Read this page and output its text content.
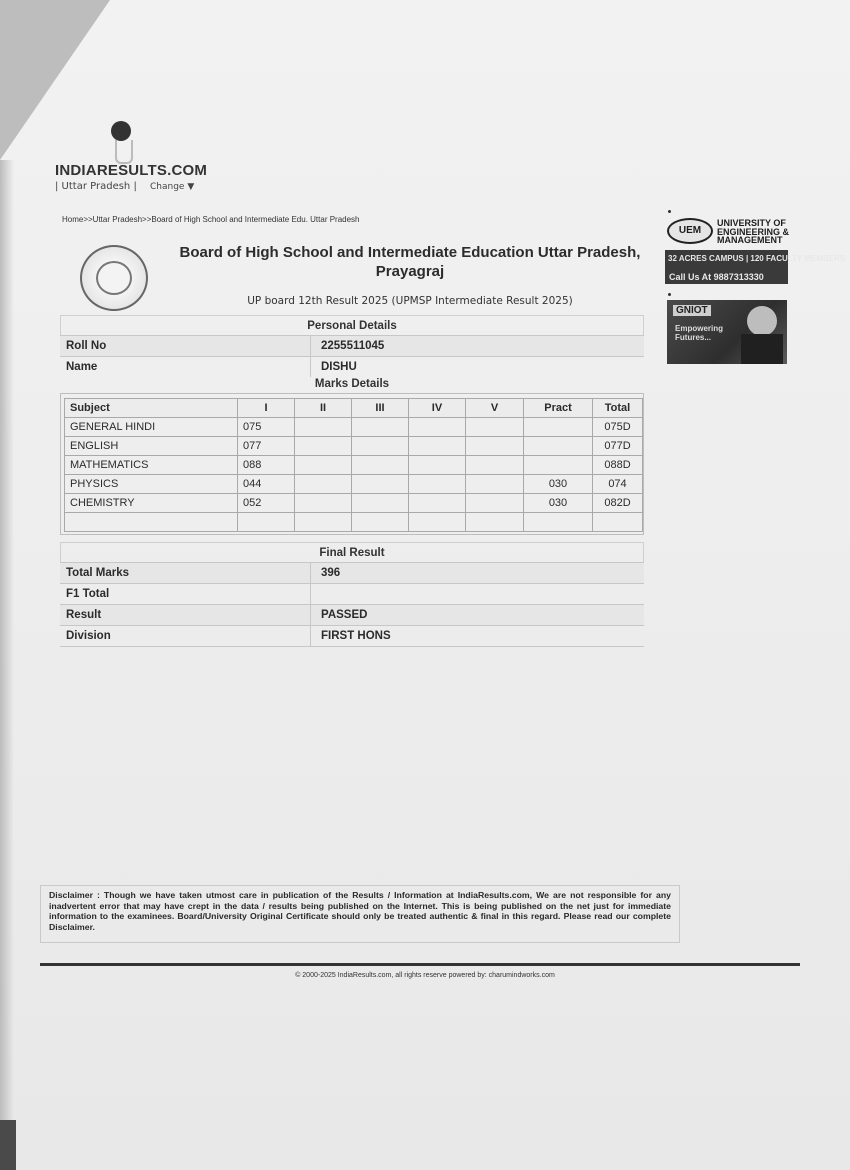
INDIARESULTS.COM
| Uttar Pradesh | Change ▼
Home>>Uttar Pradesh>>Board of High School and Intermediate Edu. Uttar Pradesh
Board of High School and Intermediate Education Uttar Pradesh, Prayagraj
UP board 12th Result 2025 (UPMSP Intermediate Result 2025)
UEM
UNIVERSITY OF ENGINEERING & MANAGEMENT
32 ACRES CAMPUS | 120 FACULTY MEMBERS
Call Us At 9887313330
GNIOT
Empowering Futures...
Personal Details
Roll No	2255511045
Name	DISHU
Marks Details
Subject	I	II	III	IV	V	Pract	Total
GENERAL HINDI	075						075D
ENGLISH	077						077D
MATHEMATICS	088						088D
PHYSICS	044					030	074
CHEMISTRY	052					030	082D

Final Result
Total Marks	396
F1 Total
Result	PASSED
Division	FIRST HONS
Disclaimer : Though we have taken utmost care in publication of the Results / Information at IndiaResults.com, We are not responsible for any inadvertent error that may have crept in the data / results being published on the Internet. This is being published on the net just for immediate information to the examinees. Board/University Original Certificate should only be treated authentic & final in this regard. Please read our complete Disclaimer.
© 2000-2025 IndiaResults.com, all rights reserve powered by: charumindworks.com
